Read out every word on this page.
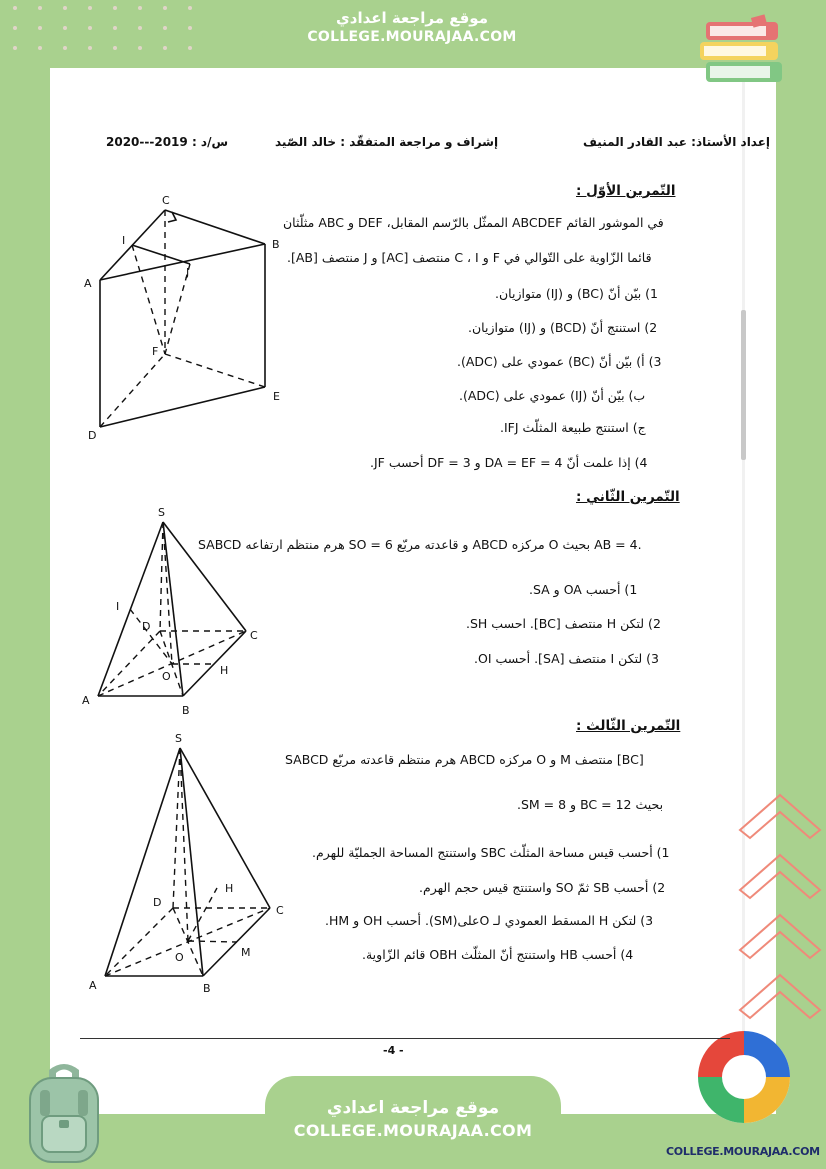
موقع مراجعة اعدادي
COLLEGE.MOURAJAA.COM
موقع مراجعة اعدادي
COLLEGE.MOURAJAA.COM
COLLEGE.MOURAJAA.COM
إعداد الأستاذ: عبد القادر المنيف
إشراف و مراجعة المتفقّد : خالد الصّيد
س/د : 2019---2020
التّمرين الأوّل :
في الموشور القائم ABCDEF الممثّل بالرّسم المقابل، DEF و ABC مثلّثان
قائما الزّاوية على التّوالي في F و C ، I منتصف [AC] و J منتصف [AB].
1) بيّن أنّ (BC) و (IJ) متوازيان.
2) استنتج أنّ (BCD) و (IJ) متوازيان.
3) أ) بيّن أنّ (BC) عمودي على (ADC).
ب) بيّن أنّ (IJ) عمودي على (ADC).
ج) استنتج طبيعة المثلّث IFJ.
4) إذا علمت أنّ DA = EF = 4 و DF = 3 أحسب JF.
C
B
A
I
J
F
E
D
التّمرين الثّاني :
SABCD هرم منتظم ارتفاعه SO = 6 و قاعدته مربّع ABCD مركزه O بحيث AB = 4.
1) أحسب OA و SA.
2) لتكن H منتصف [BC]. احسب SH.
3) لتكن I منتصف [SA]. أحسب OI.
S
I
D
C
O	H
A
B
التّمرين الثّالث :
SABCD هرم منتظم قاعدته مربّع ABCD مركزه O و M منتصف [BC]
بحيث BC = 12 و SM = 8.
1) أحسب قيس مساحة المثلّث SBC واستنتج المساحة الجمليّة للهرم.
2) أحسب SB ثمّ SO واستنتج قيس حجم الهرم.
3) لتكن H المسقط العمودي لـ Oعلى(SM). أحسب OH و HM.
4) أحسب HB واستنتج أنّ المثلّث OBH قائم الزّاوية.
S
H
D
C
O	M
A	B
-4 -
